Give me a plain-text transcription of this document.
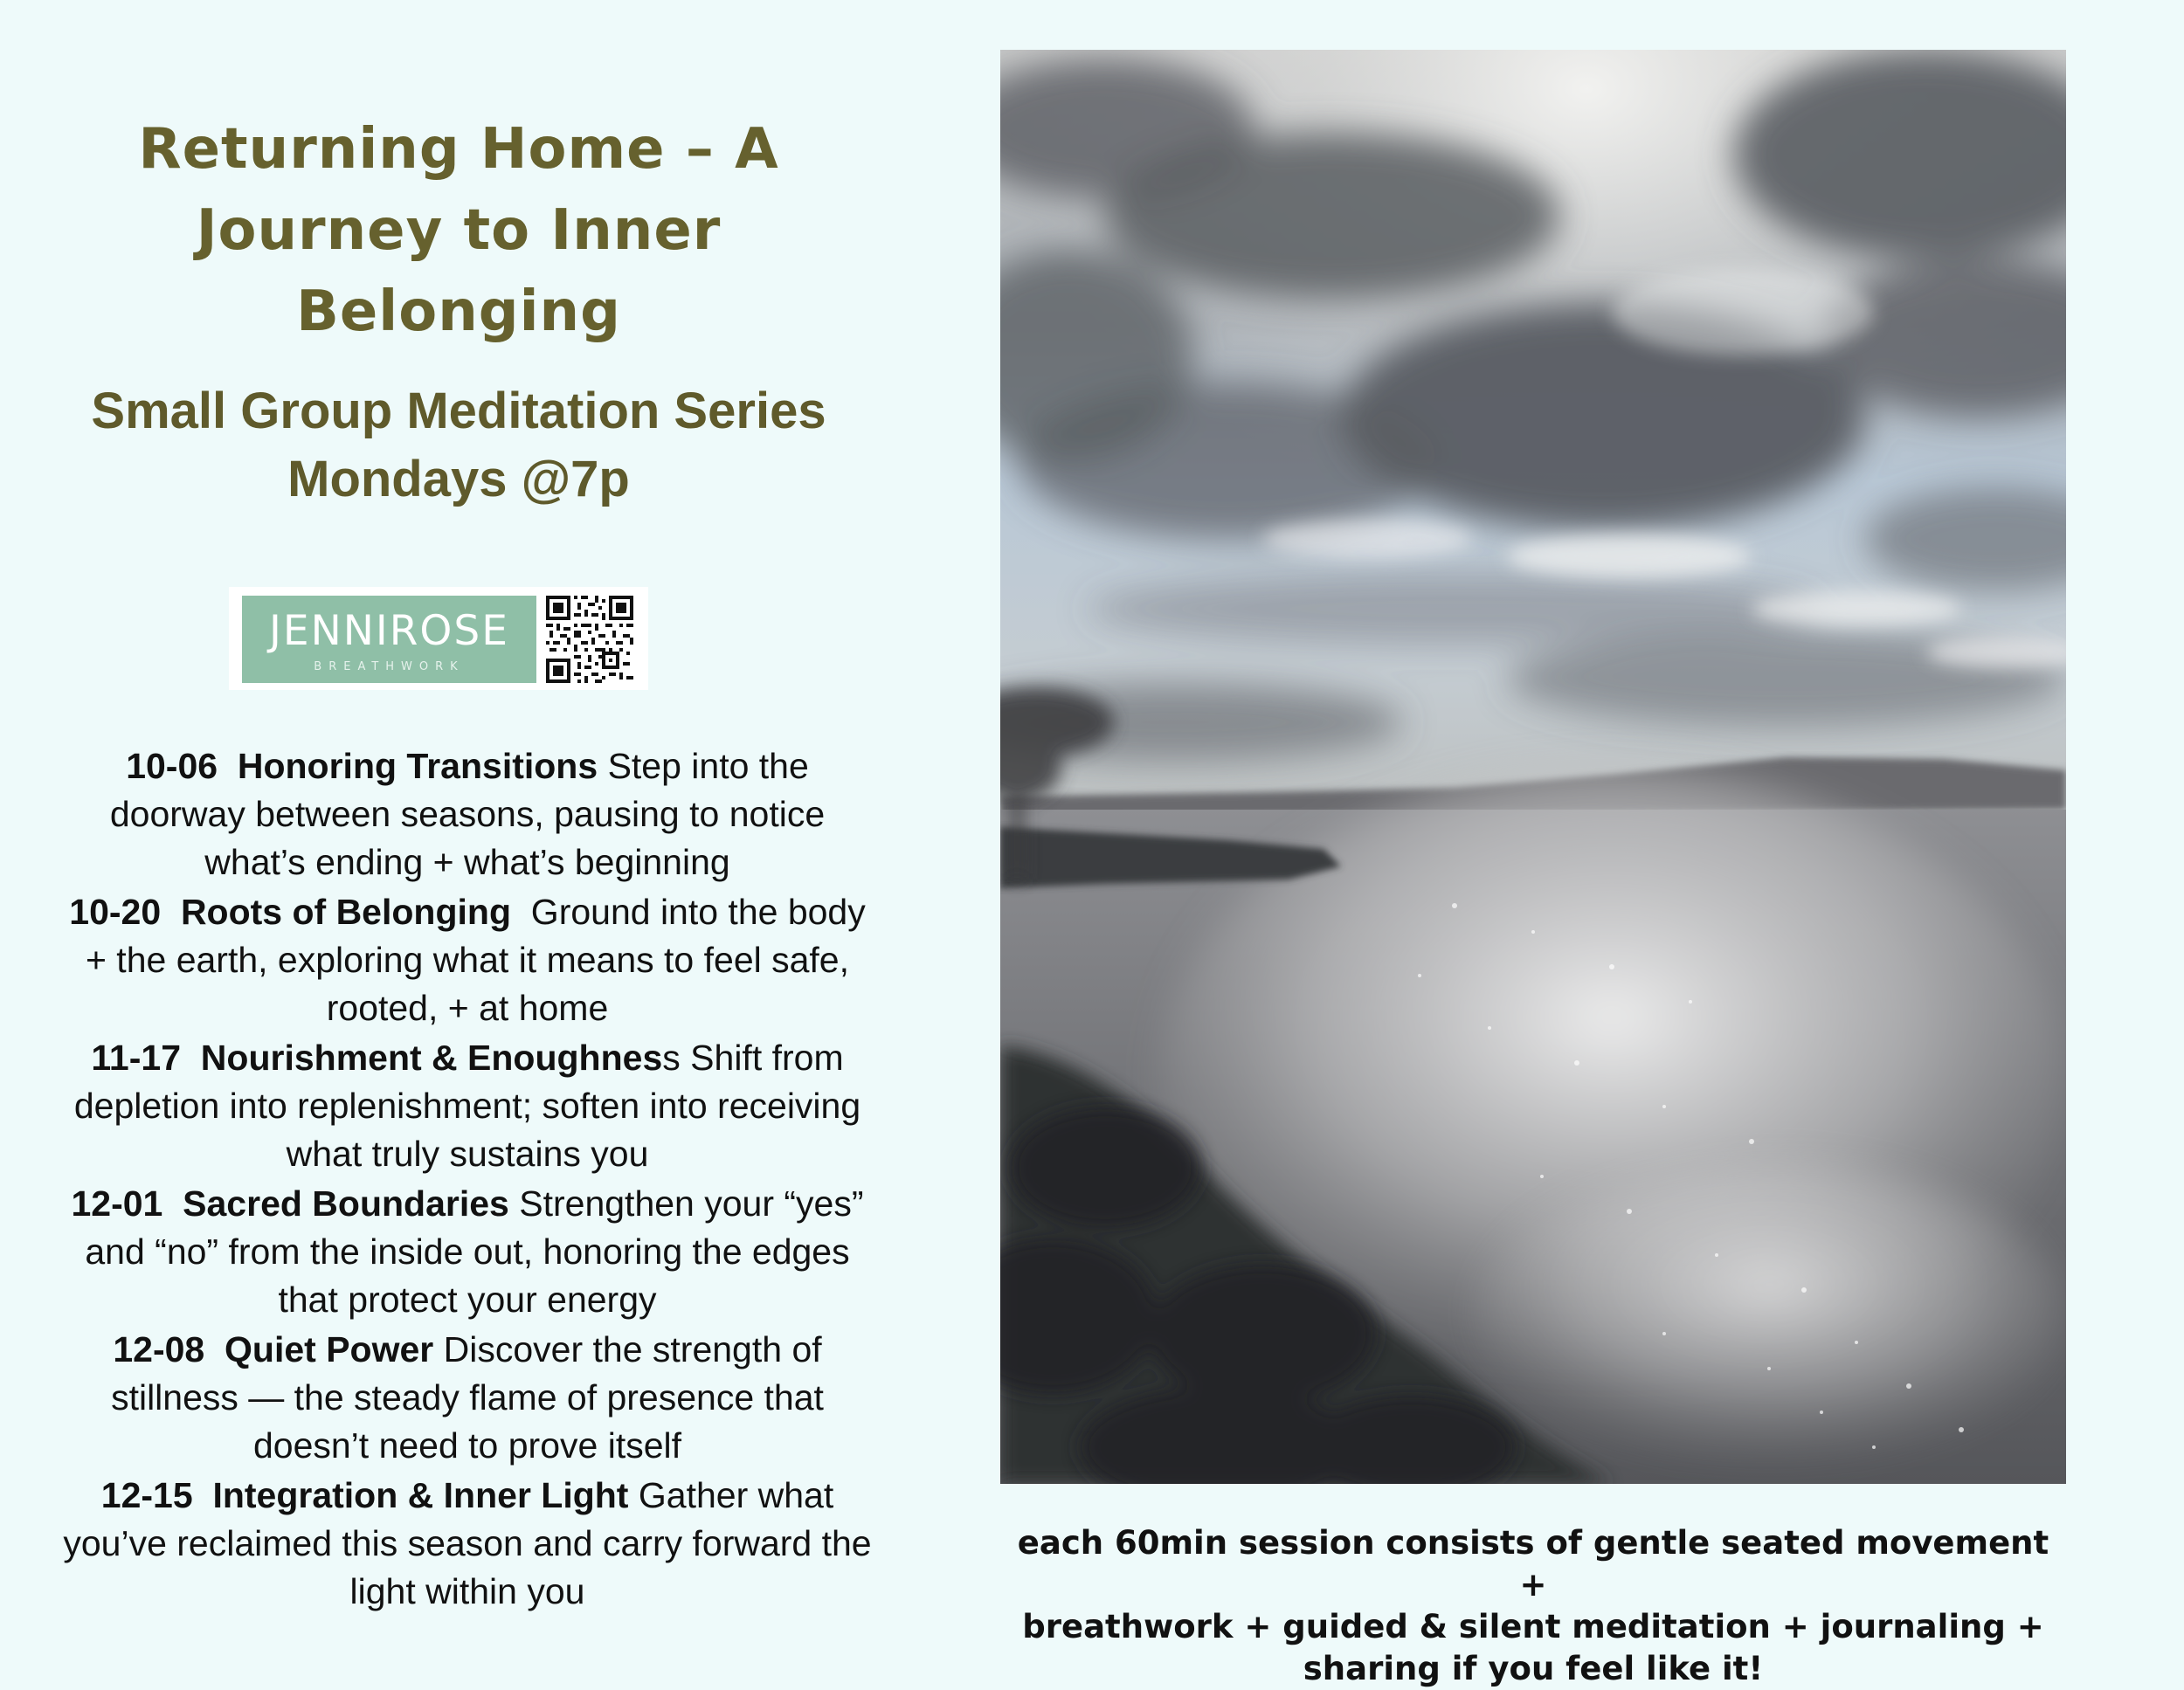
Returning Home – A
Journey to Inner
Belonging
Small Group Meditation Series
Mondays @7p
JENNIROSE
BREATHWORK

10-06 Honoring Transitions Step into the doorway between seasons, pausing to notice what’s ending + what’s beginning

10-20 Roots of Belonging Ground into the body + the earth, exploring what it means to feel safe, rooted, + at home

11-17 Nourishment & Enoughness Shift from depletion into replenishment; soften into receiving what truly sustains you

12-01 Sacred Boundaries Strengthen your “yes” and “no” from the inside out, honoring the edges that protect your energy

12-08 Quiet Power Discover the strength of stillness — the steady flame of presence that doesn’t need to prove itself

12-15 Integration & Inner Light Gather what you’ve reclaimed this season and carry forward the light within you

each 60min session consists of gentle seated movement +
breathwork + guided & silent meditation + journaling +
sharing if you feel like it!
